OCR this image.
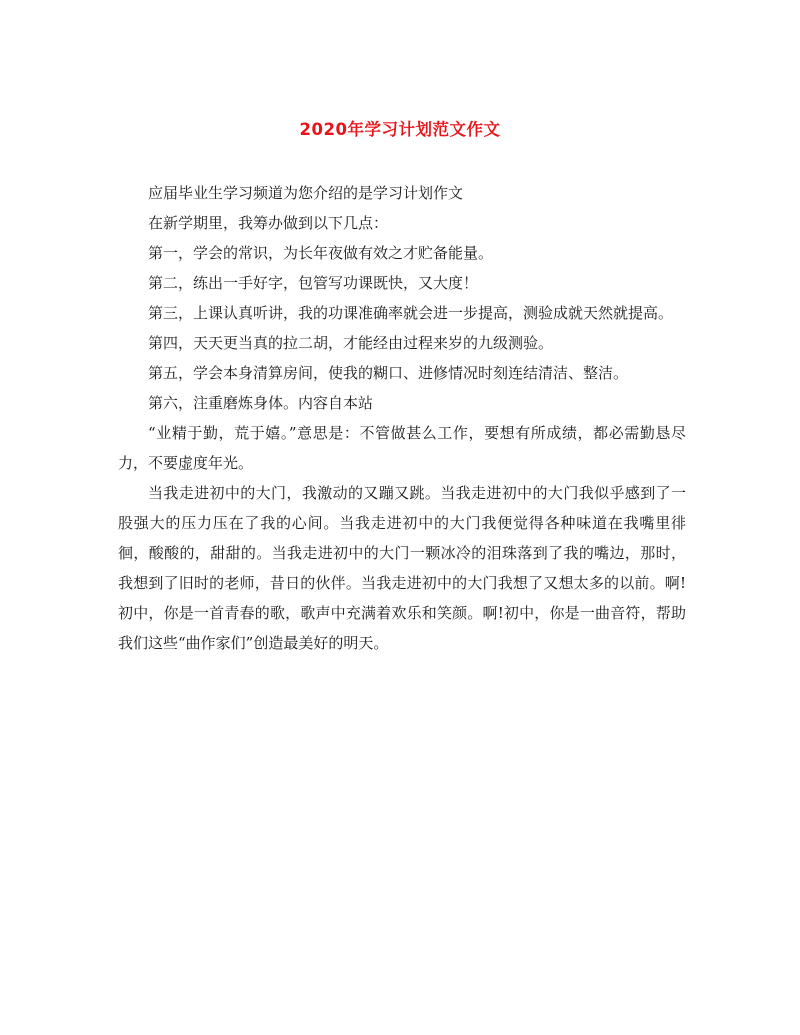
2020年学习计划范文作文

应届毕业生学习频道为您介绍的是学习计划作文

在新学期里，我筹办做到以下几点：

第一，学会的常识，为长年夜做有效之才贮备能量。

第二，练出一手好字，包管写功课既快，又大度！

第三，上课认真听讲，我的功课准确率就会进一步提高，测验成就天然就提高。

第四，天天更当真的拉二胡，才能经由过程来岁的九级测验。

第五，学会本身清算房间，使我的糊口、进修情况时刻连结清洁、整洁。

第六，注重磨炼身体。内容自本站

“业精于勤，荒于嬉。”意思是：不管做甚么工作，要想有所成绩，都必需勤恳尽力，不要虚度年光。

当我走进初中的大门，我激动的又蹦又跳。当我走进初中的大门我似乎感到了一股强大的压力压在了我的心间。当我走进初中的大门我便觉得各种味道在我嘴里徘徊，酸酸的，甜甜的。当我走进初中的大门一颗冰冷的泪珠落到了我的嘴边，那时，我想到了旧时的老师，昔日的伙伴。当我走进初中的大门我想了又想太多的以前。啊!初中，你是一首青春的歌，歌声中充满着欢乐和笑颜。啊!初中，你是一曲音符，帮助我们这些“曲作家们”创造最美好的明天。
